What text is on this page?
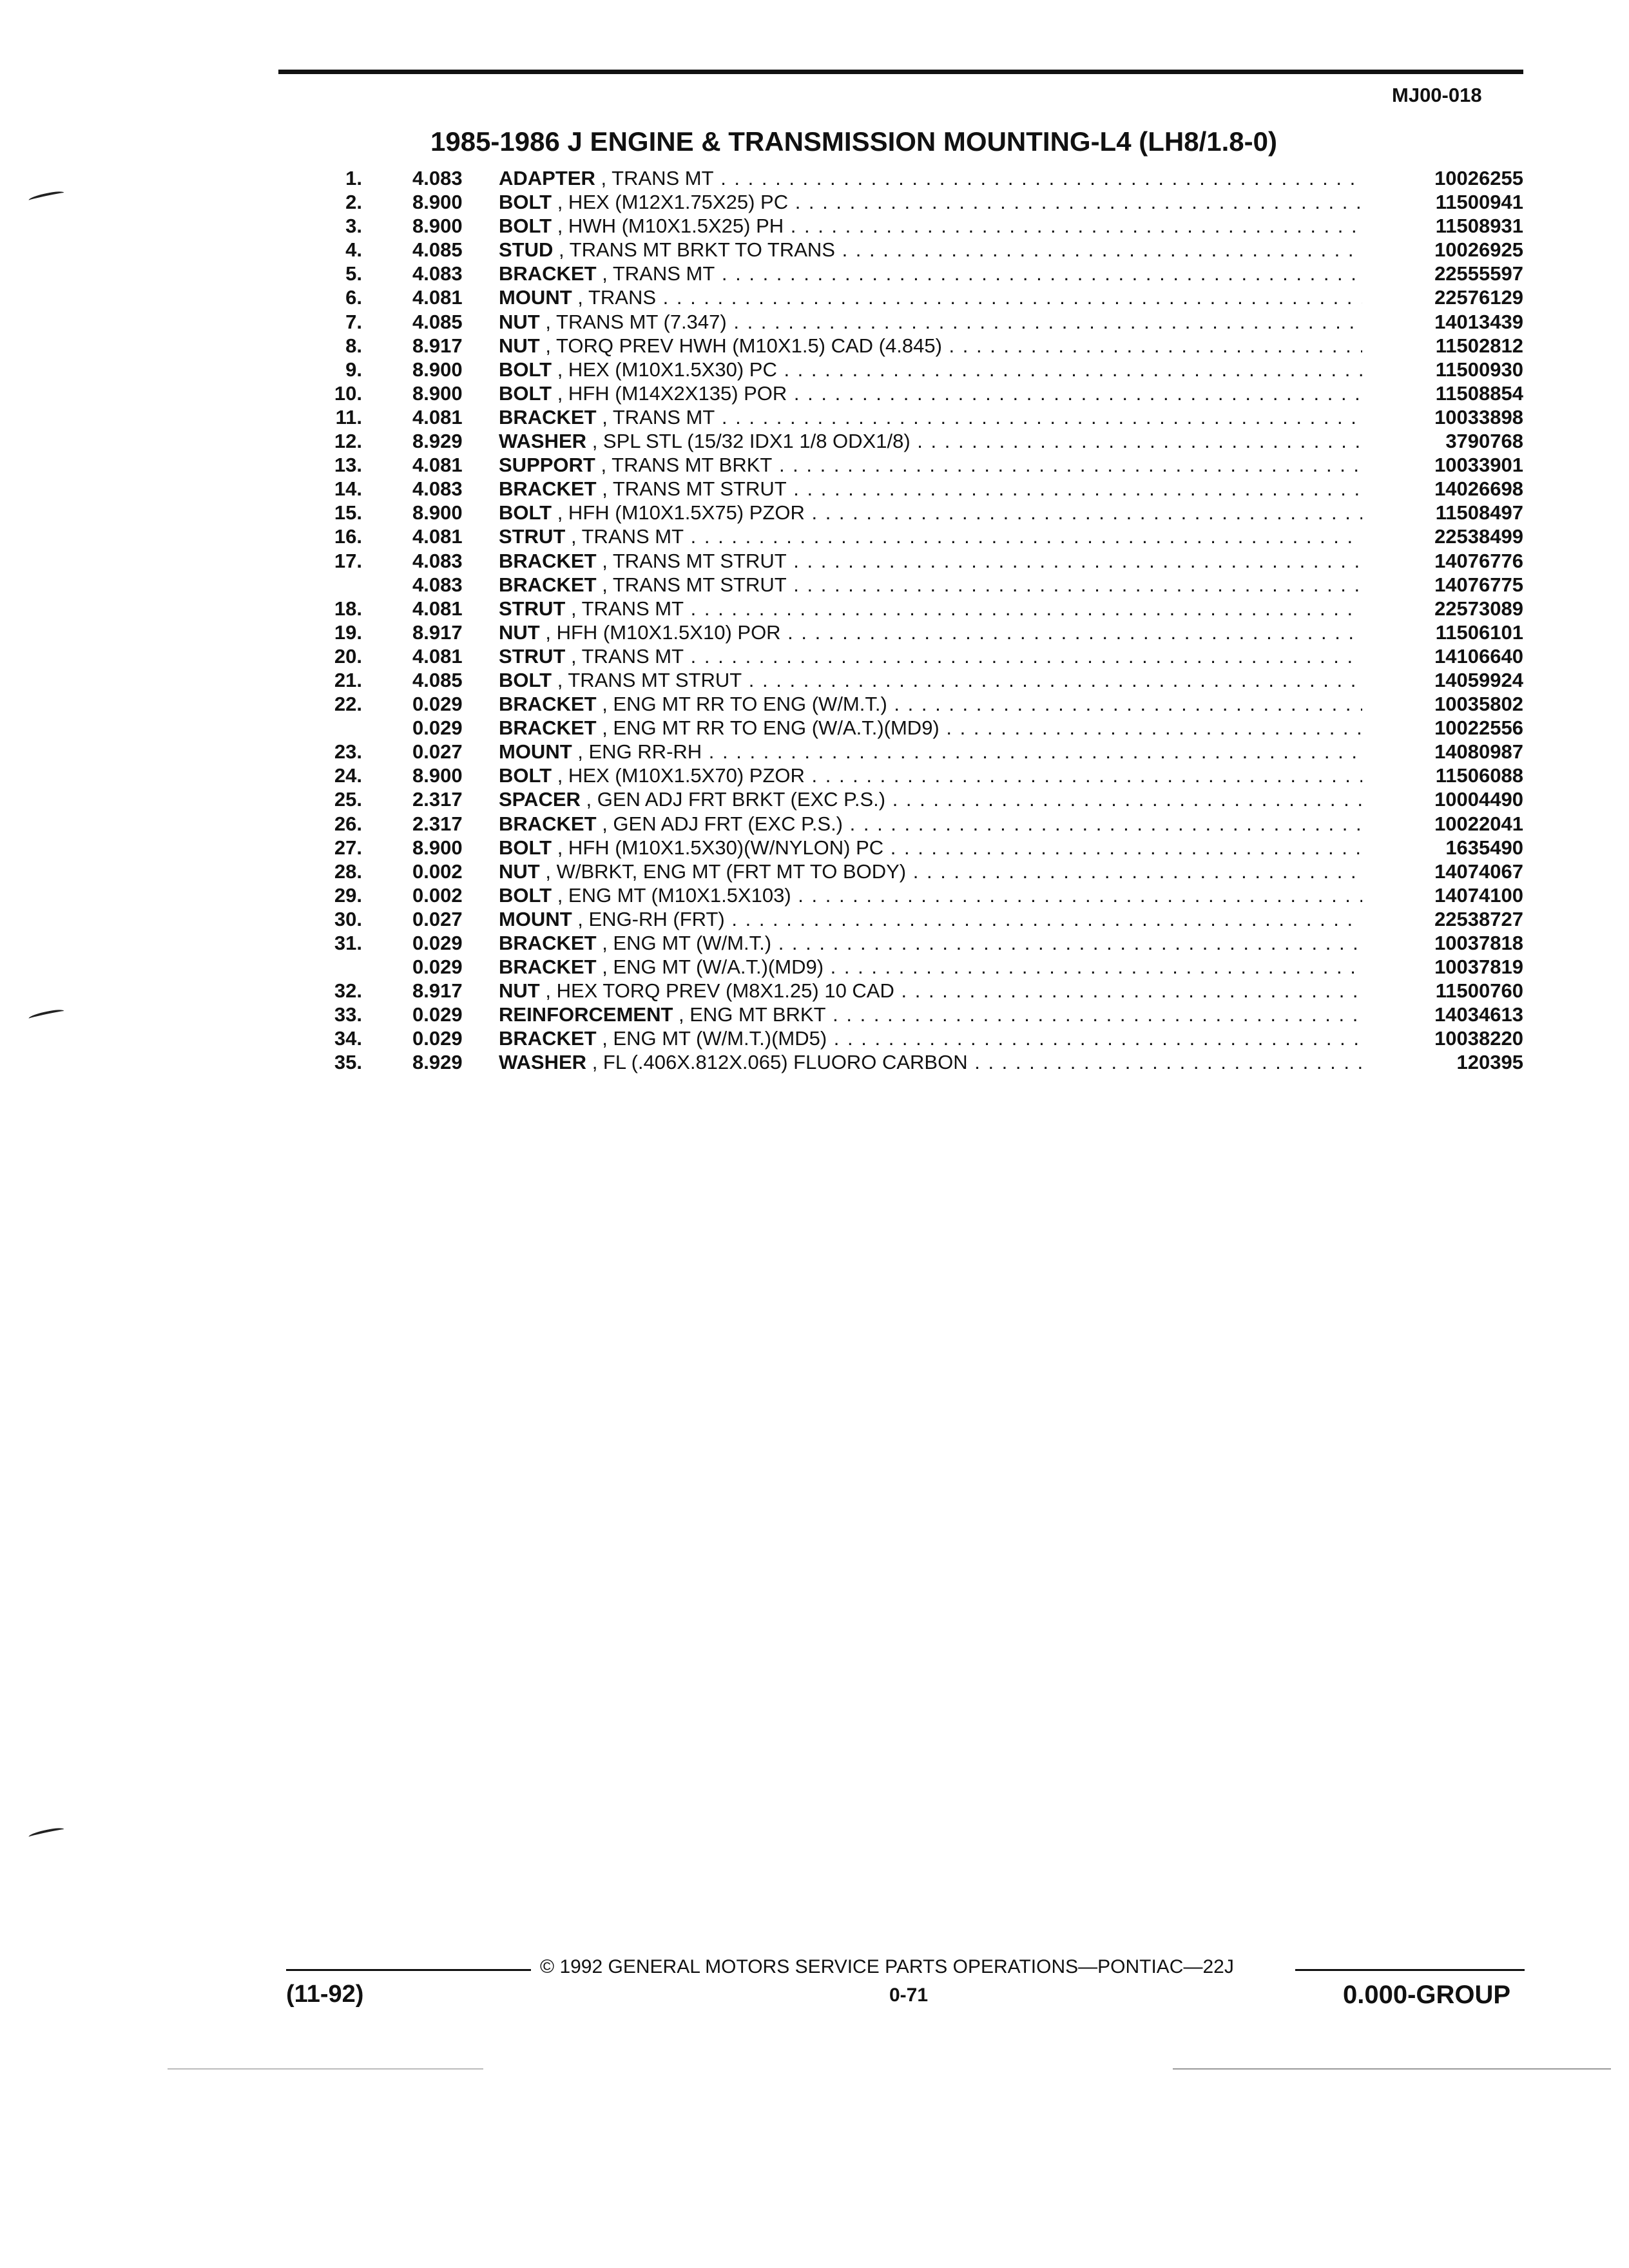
MJ00-018
1985-1986 J ENGINE & TRANSMISSION MOUNTING-L4 (LH8/1.8-0)
1.	4.083 ADAPTER , TRANS MT . . .	10026255
2.	8.900 BOLT , HEX (M12X1.75X25) PC . . .	11500941
3.	8.900 BOLT , HWH (M10X1.5X25) PH . . .	11508931
4.	4.085 STUD , TRANS MT BRKT TO TRANS . . .	10026925
5.	4.083 BRACKET , TRANS MT . . .	22555597
6.	4.081 MOUNT , TRANS . . .	22576129
7.	4.085 NUT , TRANS MT (7.347) . . .	14013439
8.	8.917 NUT , TORQ PREV HWH (M10X1.5) CAD (4.845) . . .	11502812
9.	8.900 BOLT , HEX (M10X1.5X30) PC . . .	11500930
10.	8.900 BOLT , HFH (M14X2X135) POR . . .	11508854
11.	4.081 BRACKET , TRANS MT . . .	10033898
12.	8.929 WASHER , SPL STL (15/32 IDX1 1/8 ODX1/8) . . .	3790768
13.	4.081 SUPPORT , TRANS MT BRKT . . .	10033901
14.	4.083 BRACKET , TRANS MT STRUT . . .	14026698
15.	8.900 BOLT , HFH (M10X1.5X75) PZOR . . .	11508497
16.	4.081 STRUT , TRANS MT . . .	22538499
17.	4.083 BRACKET , TRANS MT STRUT . . .	14076776
4.083 BRACKET , TRANS MT STRUT . . .	14076775
18.	4.081 STRUT , TRANS MT . . .	22573089
19.	8.917 NUT , HFH (M10X1.5X10) POR . . .	11506101
20.	4.081 STRUT , TRANS MT . . .	14106640
21.	4.085 BOLT , TRANS MT STRUT . . .	14059924
22.	0.029 BRACKET , ENG MT RR TO ENG (W/M.T.) . . .	10035802
0.029 BRACKET , ENG MT RR TO ENG (W/A.T.)(MD9) . . .	10022556
23.	0.027 MOUNT , ENG RR-RH . . .	14080987
24.	8.900 BOLT , HEX (M10X1.5X70) PZOR . . .	11506088
25.	2.317 SPACER , GEN ADJ FRT BRKT (EXC P.S.) . . .	10004490
26.	2.317 BRACKET , GEN ADJ FRT (EXC P.S.) . . .	10022041
27.	8.900 BOLT , HFH (M10X1.5X30)(W/NYLON) PC . . .	1635490
28.	0.002 NUT , W/BRKT, ENG MT (FRT MT TO BODY) . . .	14074067
29.	0.002 BOLT , ENG MT (M10X1.5X103) . . .	14074100
30.	0.027 MOUNT , ENG-RH (FRT) . . .	22538727
31.	0.029 BRACKET , ENG MT (W/M.T.) . . .	10037818
0.029 BRACKET , ENG MT (W/A.T.)(MD9) . . .	10037819
32.	8.917 NUT , HEX TORQ PREV (M8X1.25) 10 CAD . . .	11500760
33.	0.029 REINFORCEMENT , ENG MT BRKT . . .	14034613
34.	0.029 BRACKET , ENG MT (W/M.T.)(MD5) . . .	10038220
35.	8.929 WASHER , FL (.406X.812X.065) FLUORO CARBON . . .	120395
© 1992 GENERAL MOTORS SERVICE PARTS OPERATIONS—PONTIAC—22J
(11-92)	0-71	0.000-GROUP
